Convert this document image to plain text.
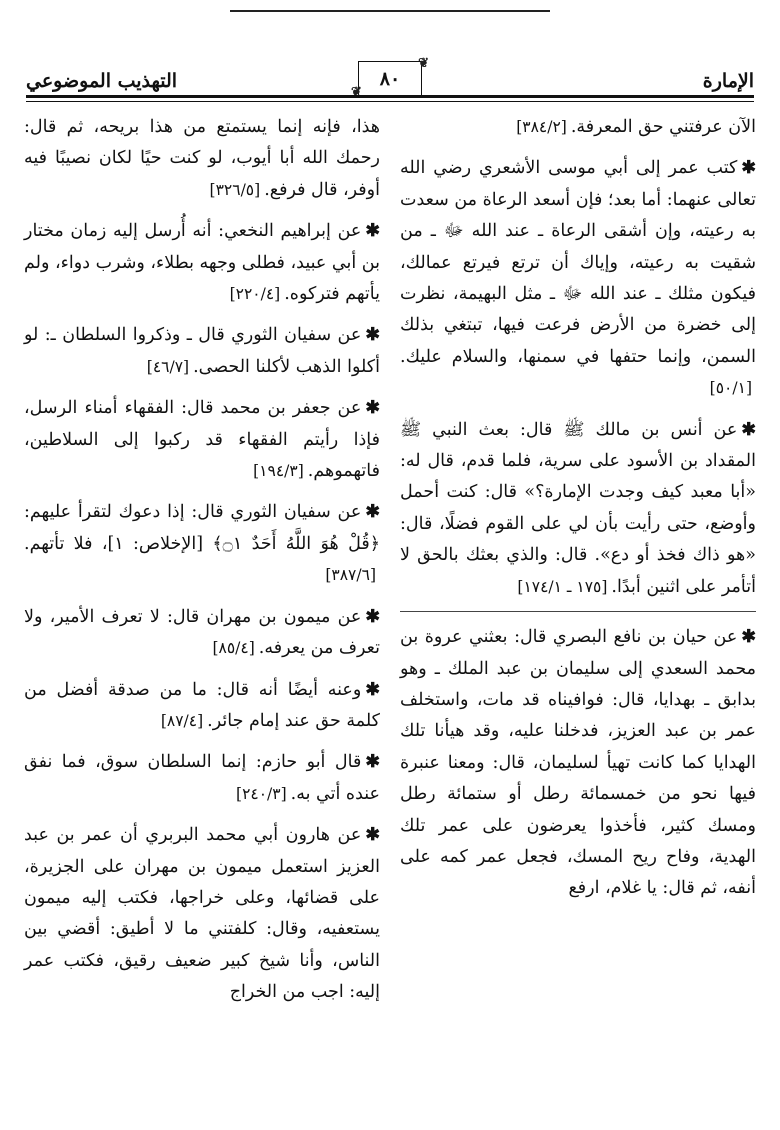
الإمارة
❦
٨٠
❦
التهذيب الموضوعي

الآن عرفتني حق المعرفة.[٣٨٤/٢]

✱كتب عمر إلى أبي موسى الأشعري رضي الله تعالى عنهما: أما بعد؛ فإن أسعد الرعاة من سعدت به رعيته، وإن أشقى الرعاة ـ عند الله ﷻ ـ من شقيت به رعيته، وإياك أن ترتع فيرتع عمالك، فيكون مثلك ـ عند الله ﷻ ـ مثل البهيمة، نظرت إلى خضرة من الأرض فرعت فيها، تبتغي بذلك السمن، وإنما حتفها في سمنها، والسلام عليك.[٥٠/١]

✱عن أنس بن مالك ﷺ قال: بعث النبي ﷺ المقداد بن الأسود على سرية، فلما قدم، قال له: «أبا معبد كيف وجدت الإمارة؟» قال: كنت أحمل وأوضع، حتى رأيت بأن لي على القوم فضلًا، قال: «هو ذاك فخذ أو دع». قال: والذي بعثك بالحق لا أتأمر على اثنين أبدًا.[١٧٥ ـ ١٧٤/١]

✱عن حيان بن نافع البصري قال: بعثني عروة بن محمد السعدي إلى سليمان بن عبد الملك ـ وهو بدابق ـ بهدايا، قال: فوافيناه قد مات، واستخلف عمر بن عبد العزيز، فدخلنا عليه، وقد هيأنا تلك الهدايا كما كانت تهيأ لسليمان، قال: ومعنا عنبرة فيها نحو من خمسمائة رطل أو ستمائة رطل ومسك كثير، فأخذوا يعرضون على عمر تلك الهدية، وفاح ريح المسك، فجعل عمر كمه على أنفه، ثم قال: يا غلام، ارفع

هذا، فإنه إنما يستمتع من هذا بريحه، ثم قال: رحمك الله أبا أيوب، لو كنت حيًا لكان نصيبًا فيه أوفر، قال فرفع.[٣٢٦/٥]

✱عن إبراهيم النخعي: أنه أُرسل إليه زمان مختار بن أبي عبيد، فطلى وجهه بطلاء، وشرب دواء، ولم يأتهم فتركوه.[٢٢٠/٤]

✱عن سفيان الثوري قال ـ وذكروا السلطان ـ: لو أكلوا الذهب لأكلنا الحصى.[٤٦/٧]

✱عن جعفر بن محمد قال: الفقهاء أمناء الرسل، فإذا رأيتم الفقهاء قد ركبوا إلى السلاطين، فاتهموهم.[١٩٤/٣]

✱عن سفيان الثوري قال: إذا دعوك لتقرأ عليهم: ﴿قُلْ هُوَ اللَّهُ أَحَدٌ ۝١﴾ [الإخلاص: ١]، فلا تأتهم.[٣٨٧/٦]

✱عن ميمون بن مهران قال: لا تعرف الأمير، ولا تعرف من يعرفه.[٨٥/٤]

✱وعنه أيضًا أنه قال: ما من صدقة أفضل من كلمة حق عند إمام جائر.[٨٧/٤]

✱قال أبو حازم: إنما السلطان سوق، فما نفق عنده أتي به.[٢٤٠/٣]

✱عن هارون أبي محمد البربري أن عمر بن عبد العزيز استعمل ميمون بن مهران على الجزيرة، على قضائها، وعلى خراجها، فكتب إليه ميمون يستعفيه، وقال: كلفتني ما لا أطيق: أقضي بين الناس، وأنا شيخ كبير ضعيف رقيق، فكتب عمر إليه: اجب من الخراج
